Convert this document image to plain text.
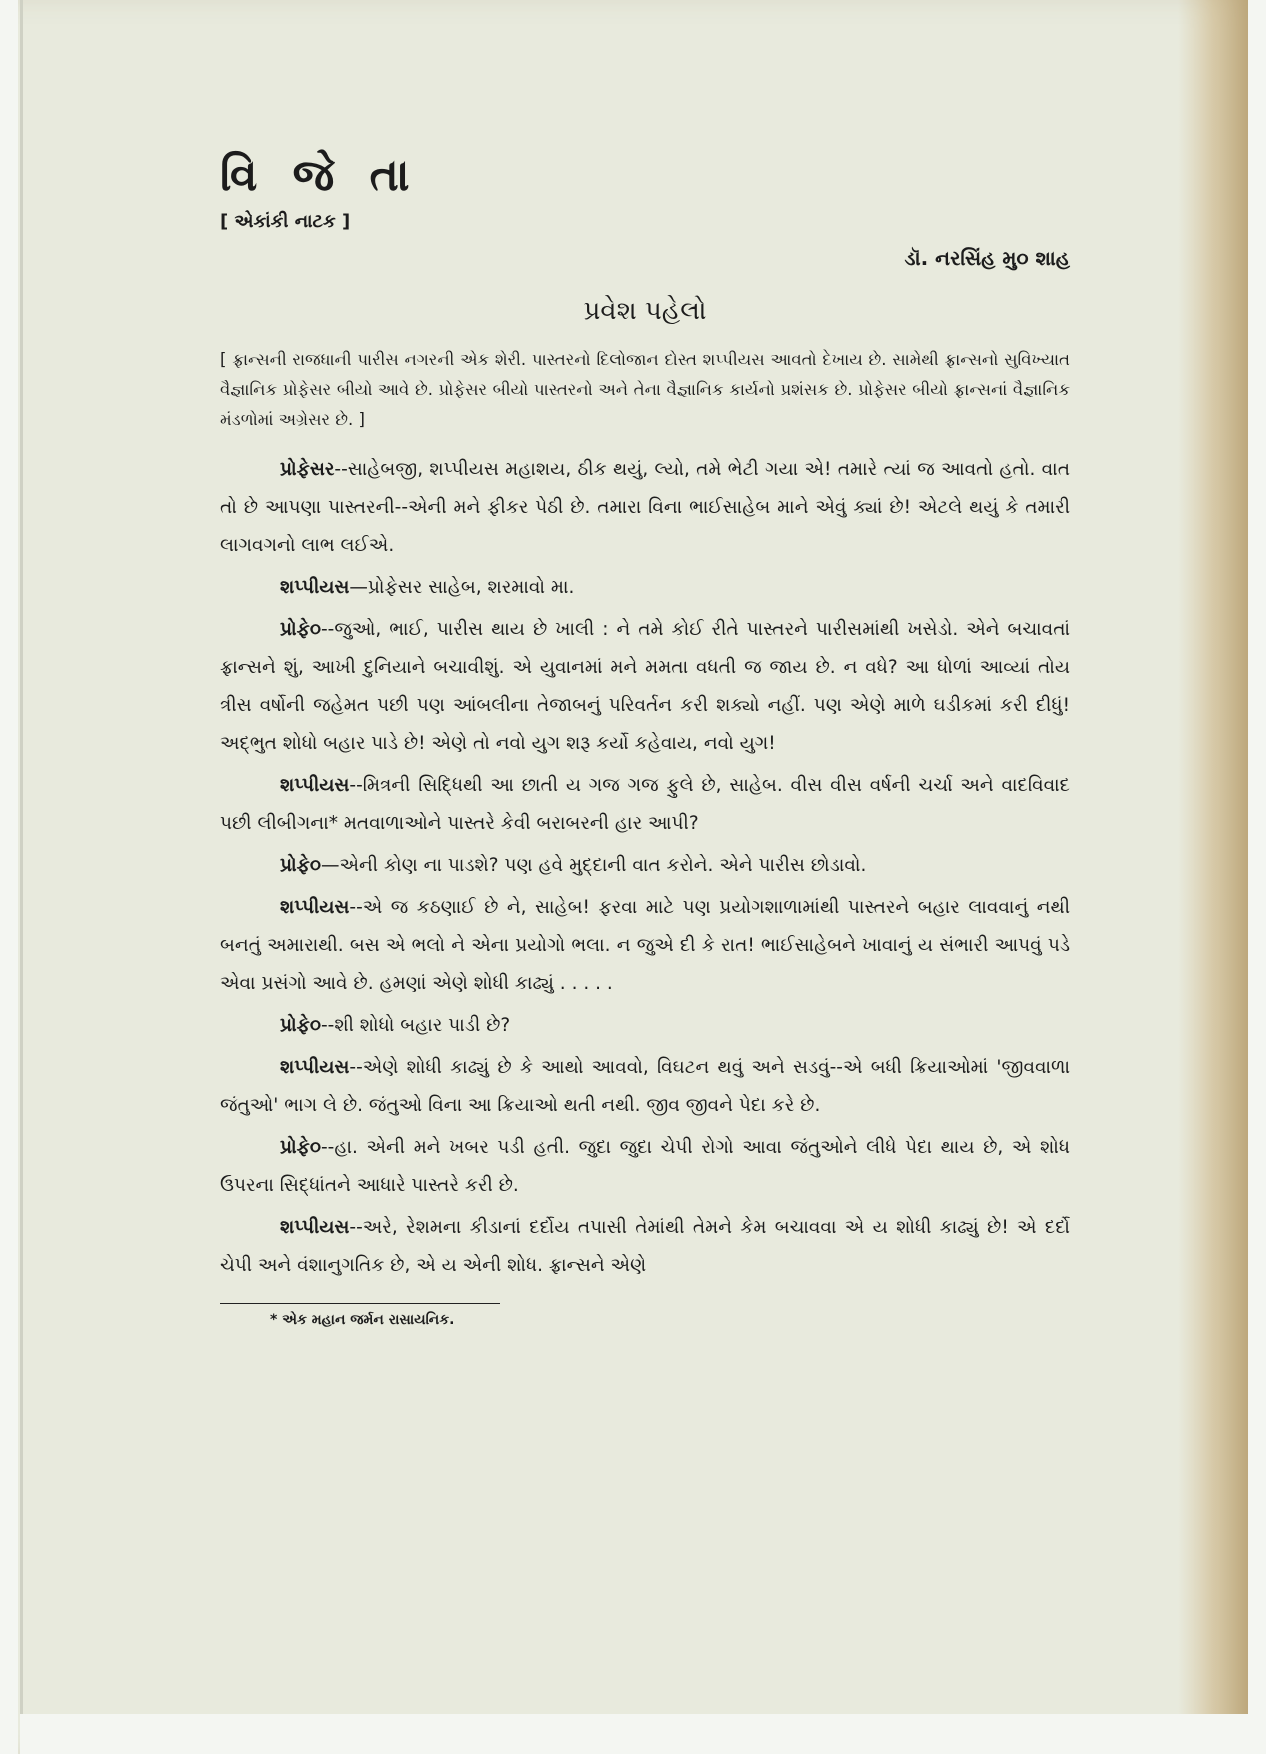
વિ જે તા
[ એકાંકી નાટક ]
ડૉ. નરસિંહ મુ૦ શાહ
પ્રવેશ પહેલો

[ ફ્રાન્સની રાજધાની પારીસ નગરની એક શેરી. પાસ્તરનો દિલોજાન દોસ્ત શપ્પીયસ આવતો દેખાય છે. સામેથી ફ્રાન્સનો સુવિખ્યાત વૈજ્ઞાનિક પ્રોફેસર બીયો આવે છે. પ્રોફેસર બીયો પાસ્તરનો અને તેના વૈજ્ઞાનિક કાર્યનો પ્રશંસક છે. પ્રોફેસર બીયો ફ્રાન્સનાં વૈજ્ઞાનિક મંડળોમાં અગ્રેસર છે. ]

પ્રોફેસર--સાહેબજી, શપ્પીયસ મહાશય, ઠીક થયું, લ્યો, તમે ભેટી ગયા એ! તમારે ત્યાં જ આવતો હતો. વાત તો છે આપણા પાસ્તરની--એની મને ફીકર પેઠી છે. તમારા વિના ભાઈસાહેબ માને એવું ક્યાં છે! એટલે થયું કે તમારી લાગવગનો લાભ લઈએ.

શપ્પીયસ—પ્રોફેસર સાહેબ, શરમાવો મા.

પ્રોફે૦--જુઓ, ભાઈ, પારીસ થાય છે ખાલી : ને તમે કોઈ રીતે પાસ્તરને પારીસમાંથી ખસેડો. એને બચાવતાં ફ્રાન્સને શું, આખી દુનિયાને બચાવીશું. એ યુવાનમાં મને મમતા વધતી જ જાય છે. ન વધે? આ ધોળાં આવ્યાં તોય ત્રીસ વર્ષોની જહેમત પછી પણ આંબલીના તેજાબનું પરિવર્તન કરી શક્યો નહીં. પણ એણે માળે ઘડીકમાં કરી દીધું! અદ્‌ભુત શોધો બહાર પાડે છે! એણે તો નવો યુગ શરૂ કર્યો કહેવાય, નવો યુગ!

શપ્પીયસ--મિત્રની સિદ્ધિથી આ છાતી ય ગજ ગજ ફુલે છે, સાહેબ. વીસ વીસ વર્ષની ચર્ચા અને વાદવિવાદ પછી લીબીગના* મતવાળાઓને પાસ્તરે કેવી બરાબરની હાર આપી?

પ્રોફે૦—એની કોણ ના પાડશે? પણ હવે મુદ્દાની વાત કરોને. એને પારીસ છોડાવો.

શપ્પીયસ--એ જ કઠણાઈ છે ને, સાહેબ! ફરવા માટે પણ પ્રયોગશાળામાંથી પાસ્તરને બહાર લાવવાનું નથી બનતું અમારાથી. બસ એ ભલો ને એના પ્રયોગો ભલા. ન જુએ દી કે રાત! ભાઈસાહેબને ખાવાનું ય સંભારી આપવું પડે એવા પ્રસંગો આવે છે. હમણાં એણે શોધી કાઢ્યું . . . . .

પ્રોફે૦--શી શોધો બહાર પાડી છે?

શપ્પીયસ--એણે શોધી કાઢ્યું છે કે આથો આવવો, વિઘટન થવું અને સડવું--એ બધી ક્રિયાઓમાં 'જીવવાળા જંતુઓ' ભાગ લે છે. જંતુઓ વિના આ ક્રિયાઓ થતી નથી. જીવ જીવને પેદા કરે છે.

પ્રોફે૦--હા. એની મને ખબર પડી હતી. જુદા જુદા ચેપી રોગો આવા જંતુઓને લીધે પેદા થાય છે, એ શોધ ઉપરના સિદ્ધાંતને આધારે પાસ્તરે કરી છે.

શપ્પીયસ--અરે, રેશમના કીડાનાં દર્દોય તપાસી તેમાંથી તેમને કેમ બચાવવા એ ય શોધી કાઢ્યું છે! એ દર્દો ચેપી અને વંશાનુગતિક છે, એ ય એની શોધ. ફ્રાન્સને એણે

* એક મહાન જર્મન રાસાયનિક.
